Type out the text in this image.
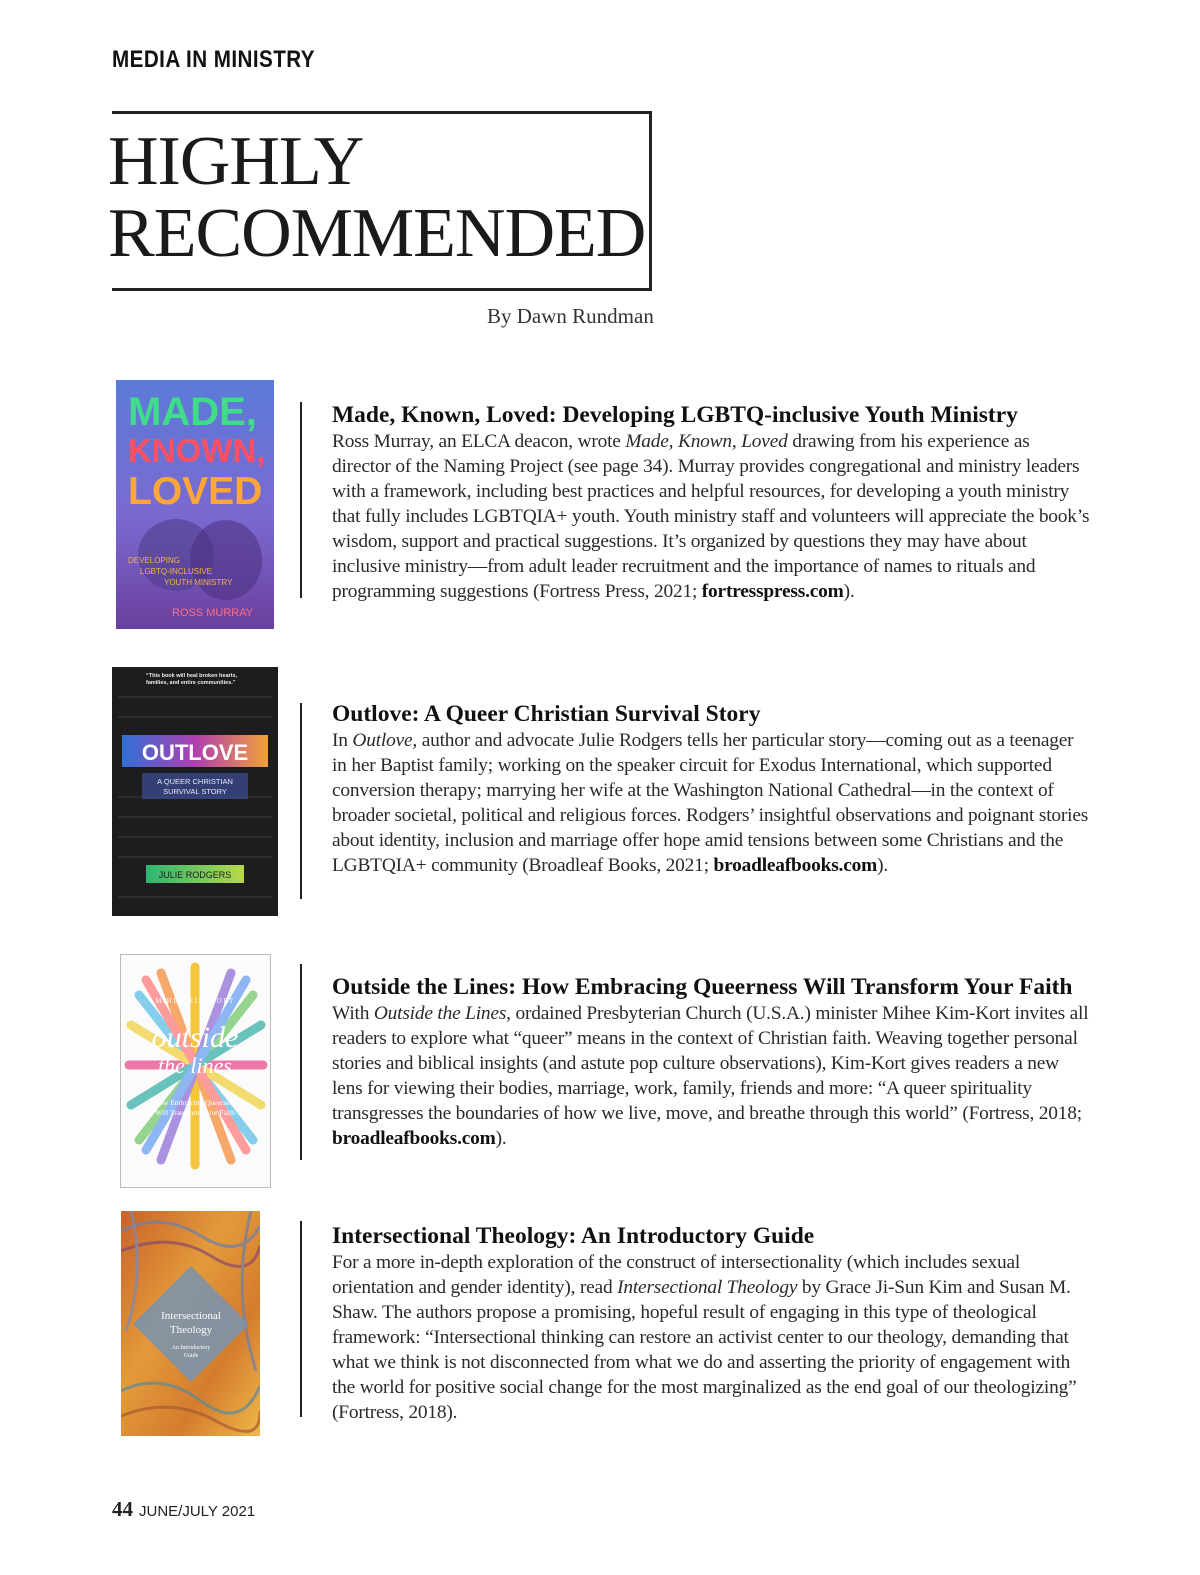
MEDIA IN MINISTRY
HIGHLY
RECOMMENDED
By Dawn Rundman
MADE,
KNOWN,
LOVED
DEVELOPING
LGBTQ-INCLUSIVE
YOUTH MINISTRY
ROSS MURRAY
Made, Known, Loved: Developing LGBTQ-inclusive Youth Ministry

Ross Murray, an ELCA deacon, wrote Made, Known, Loved drawing from his experience as director of the Naming Project (see page 34). Murray provides congregational and ministry leaders with a framework, including best practices and helpful resources, for developing a youth ministry that fully includes LGBTQIA+ youth. Youth ministry staff and volunteers will appreciate the book’s wisdom, support and practical suggestions. It’s organized by questions they may have about inclusive ministry—from adult leader recruitment and the importance of names to rituals and programming suggestions (Fortress Press, 2021; fortresspress.com).

“This book will heal broken hearts, families, and entire communities.”
OUTLOVE
A QUEER CHRISTIAN
SURVIVAL STORY
JULIE RODGERS
Outlove: A Queer Christian Survival Story

In Outlove, author and advocate Julie Rodgers tells her particular story—coming out as a teenager in her Baptist family; working on the speaker circuit for Exodus International, which supported conversion therapy; marrying her wife at the Washington National Cathedral—in the context of broader societal, political and religious forces. Rodgers’ insightful observations and poignant stories about identity, inclusion and marriage offer hope amid tensions between some Christians and the LGBTQIA+ community (Broadleaf Books, 2021; broadleafbooks.com).

MIHEE KIM-KORT
outside
the lines
How Embracing Queerness
Will Transform Your Faith
Outside the Lines: How Embracing Queerness Will Transform Your Faith

With Outside the Lines, ordained Presbyterian Church (U.S.A.) minister Mihee Kim-Kort invites all readers to explore what “queer” means in the context of Christian faith. Weaving together personal stories and biblical insights (and astute pop culture observations), Kim-Kort gives readers a new lens for viewing their bodies, marriage, work, family, friends and more: “A queer spirituality transgresses the boundaries of how we live, move, and breathe through this world” (Fortress, 2018; broadleafbooks.com).

Intersectional
Theology
An Introductory
Guide
Intersectional Theology: An Introductory Guide

For a more in-depth exploration of the construct of intersectionality (which includes sexual orientation and gender identity), read Intersectional Theology by Grace Ji-Sun Kim and Susan M. Shaw. The authors propose a promising, hopeful result of engaging in this type of theological framework: “Intersectional thinking can restore an activist center to our theology, demanding that what we think is not disconnected from what we do and asserting the priority of engagement with the world for positive social change for the most marginalized as the end goal of our theologizing” (Fortress, 2018).

44 JUNE/JULY 2021
